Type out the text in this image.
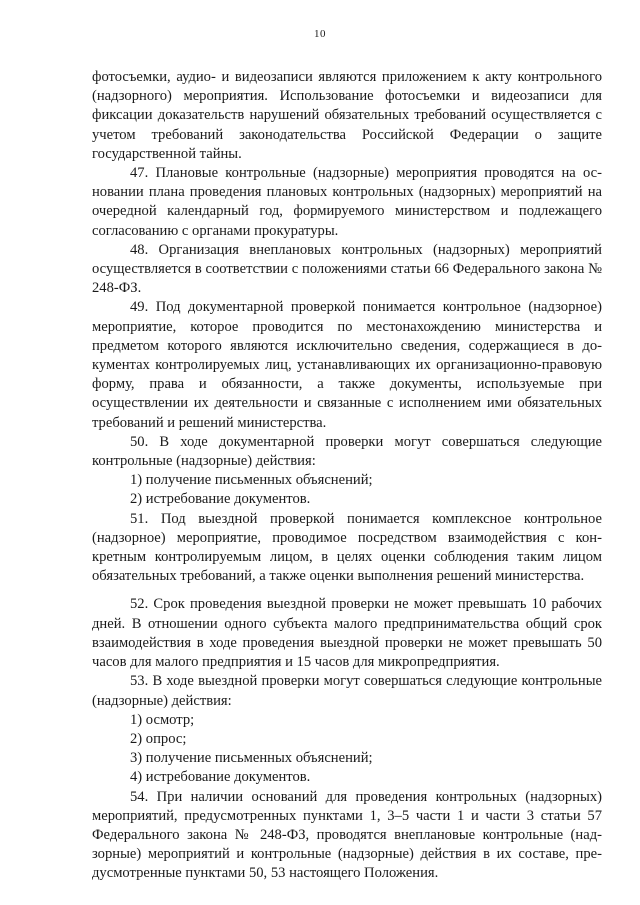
10

фотосъемки, аудио- и видеозаписи являются приложением к акту контрольного (надзорного) мероприятия. Использование фотосъемки и видеозаписи для фиксации доказательств нарушений обязательных требований осуществляется с учетом требований законодательства Российской Федерации о защите государственной тайны.

47. Плановые контрольные (надзорные) мероприятия проводятся на основании плана проведения плановых контрольных (надзорных) мероприятий на очередной календарный год, формируемого министерством и подлежащего согласованию с органами прокуратуры.

48. Организация внеплановых контрольных (надзорных) мероприятий осуществляется в соответствии с положениями статьи 66 Федерального закона № 248-ФЗ.

49. Под документарной проверкой понимается контрольное (надзорное) мероприятие, которое проводится по местонахождению министерства и предметом которого являются исключительно сведения, содержащиеся в документах контролируемых лиц, устанавливающих их организационно-правовую форму, права и обязанности, а также документы, используемые при осуществлении их деятельности и связанные с исполнением ими обязательных требований и решений министерства.

50. В ходе документарной проверки могут совершаться следующие контрольные (надзорные) действия:

1) получение письменных объяснений;

2) истребование документов.

51. Под выездной проверкой понимается комплексное контрольное (надзорное) мероприятие, проводимое посредством взаимодействия с конкретным контролируемым лицом, в целях оценки соблюдения таким лицом обязательных требований, а также оценки выполнения решений министерства.

52. Срок проведения выездной проверки не может превышать 10 рабочих дней. В отношении одного субъекта малого предпринимательства общий срок взаимодействия в ходе проведения выездной проверки не может превышать 50 часов для малого предприятия и 15 часов для микропредприятия.

53. В ходе выездной проверки могут совершаться следующие контрольные (надзорные) действия:

1) осмотр;

2) опрос;

3) получение письменных объяснений;

4) истребование документов.

54. При наличии оснований для проведения контрольных (надзорных) мероприятий, предусмотренных пунктами 1, 3–5 части 1 и части 3 статьи 57 Федерального закона № 248-ФЗ, проводятся внеплановые контрольные (надзорные) мероприятий и контрольные (надзорные) действия в их составе, предусмотренные пунктами 50, 53 настоящего Положения.
